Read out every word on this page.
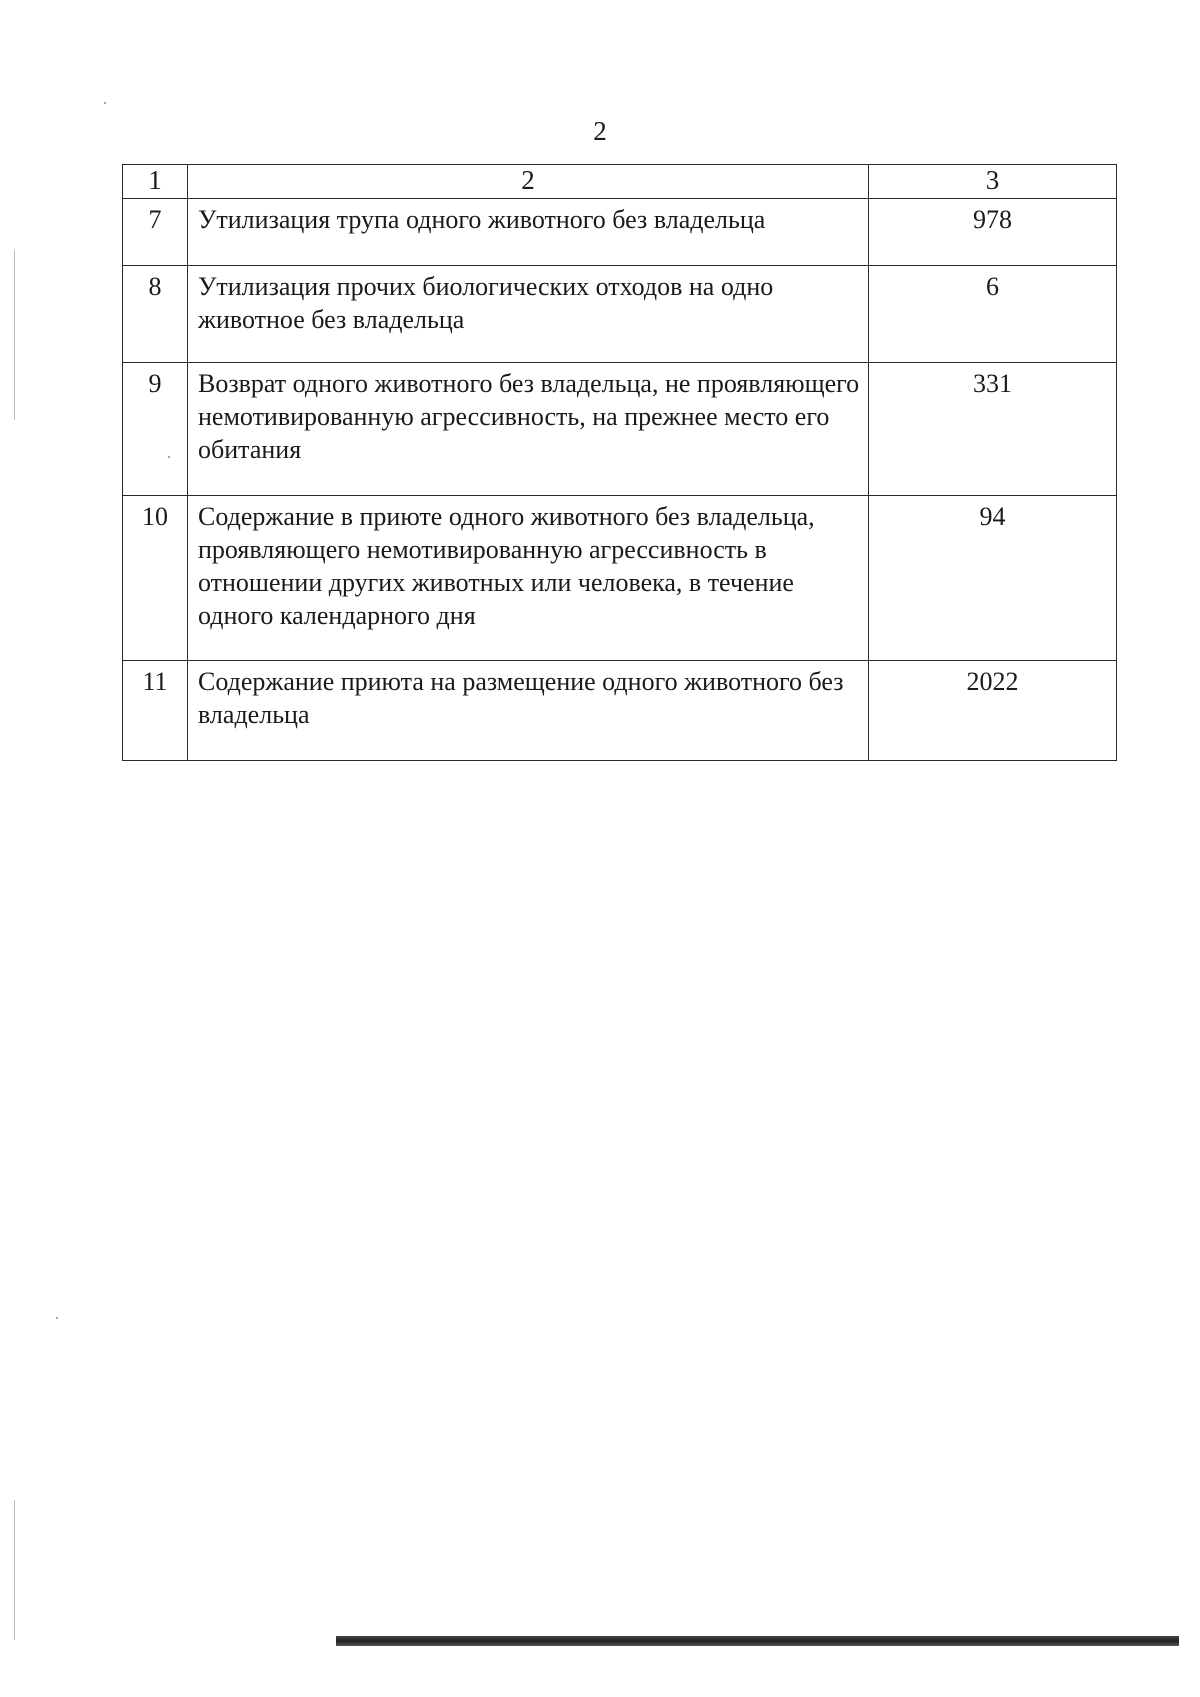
2
1	2	3
7	Утилизация трупа одного животного без владельца	978
8	Утилизация прочих биологических отходов на одно животное без владельца	6
9	Возврат одного животного без владельца, не проявляющего немотивированную агрессивность, на прежнее место его обитания	331
10	Содержание в приюте одного животного без владельца, проявляющего немотивированную агрессивность в отношении других животных или человека, в течение одного календарного дня	94
11	Содержание приюта на размещение одного животного без владельца	2022
